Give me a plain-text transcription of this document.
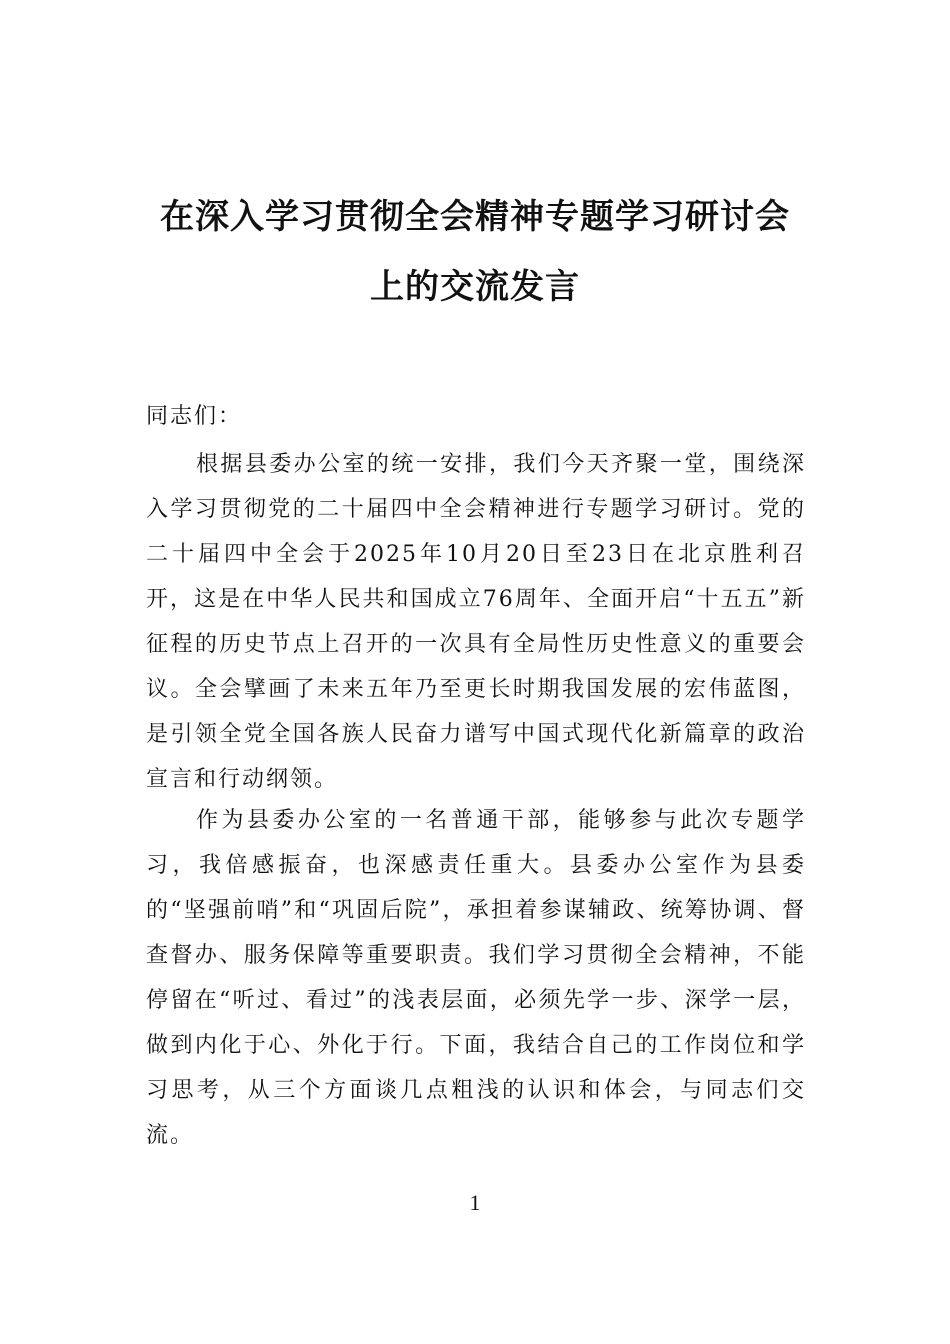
在深入学习贯彻全会精神专题学习研讨会
上的交流发言

同志们：

根据县委办公室的统一安排，我们今天齐聚一堂，围绕深入学习贯彻党的二十届四中全会精神进行专题学习研讨。党的二十届四中全会于2025年10月20日至23日在北京胜利召开，这是在中华人民共和国成立76周年、全面开启“十五五”新征程的历史节点上召开的一次具有全局性历史性意义的重要会议。全会擘画了未来五年乃至更长时期我国发展的宏伟蓝图，是引领全党全国各族人民奋力谱写中国式现代化新篇章的政治宣言和行动纲领。

作为县委办公室的一名普通干部，能够参与此次专题学习，我倍感振奋，也深感责任重大。县委办公室作为县委的“坚强前哨”和“巩固后院”，承担着参谋辅政、统筹协调、督查督办、服务保障等重要职责。我们学习贯彻全会精神，不能停留在“听过、看过”的浅表层面，必须先学一步、深学一层，做到内化于心、外化于行。下面，我结合自己的工作岗位和学习思考，从三个方面谈几点粗浅的认识和体会，与同志们交流。

1
